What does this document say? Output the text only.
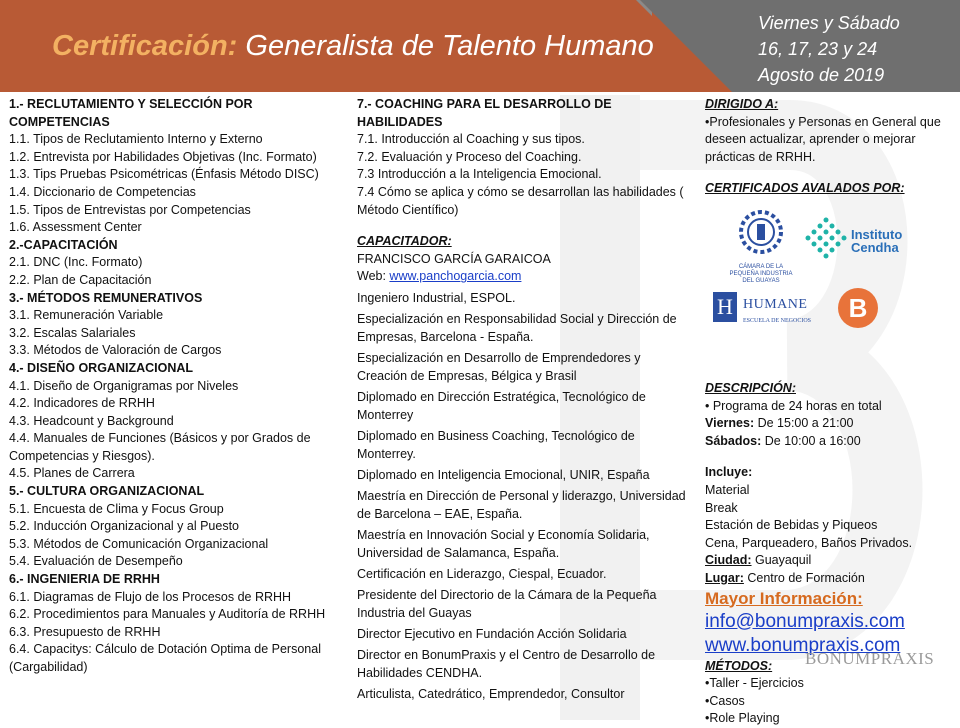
Certificación: Generalista de Talento Humano
Viernes y Sábado
16, 17, 23 y 24
Agosto de 2019
1.- RECLUTAMIENTO Y SELECCIÓN POR COMPETENCIAS
1.1. Tipos de Reclutamiento Interno y Externo
1.2. Entrevista por Habilidades Objetivas (Inc. Formato)
1.3. Tips Pruebas Psicométricas (Énfasis Método DISC)
1.4. Diccionario de Competencias
1.5. Tipos de Entrevistas por Competencias
1.6. Assessment Center
2.-CAPACITACIÓN
2.1. DNC (Inc. Formato)
2.2. Plan de Capacitación
3.- MÉTODOS REMUNERATIVOS
3.1. Remuneración Variable
3.2. Escalas Salariales
3.3. Métodos de Valoración de Cargos
4.- DISEÑO ORGANIZACIONAL
4.1. Diseño de Organigramas por Niveles
4.2. Indicadores de RRHH
4.3. Headcount y Background
4.4. Manuales de Funciones (Básicos y por Grados de Competencias y Riesgos).
4.5. Planes de Carrera
5.- CULTURA ORGANIZACIONAL
5.1. Encuesta de Clima y Focus Group
5.2. Inducción Organizacional y al Puesto
5.3. Métodos de Comunicación Organizacional
5.4. Evaluación de Desempeño
6.- INGENIERIA DE RRHH
6.1. Diagramas de Flujo de los Procesos de RRHH
6.2. Procedimientos para Manuales y Auditoría de RRHH
6.3. Presupuesto de RRHH
6.4. Capacitys: Cálculo de Dotación Optima de Personal (Cargabilidad)
7.- COACHING PARA EL DESARROLLO DE HABILIDADES
7.1. Introducción al Coaching y sus tipos.
7.2. Evaluación y Proceso del Coaching.
7.3 Introducción a la Inteligencia Emocional.
7.4 Cómo se aplica y cómo se desarrollan las habilidades ( Método Científico)
CAPACITADOR:
FRANCISCO GARCÍA GARAICOA
Web: www.panchogarcia.com
Ingeniero Industrial, ESPOL.
Especialización en Responsabilidad Social y Dirección de Empresas, Barcelona - España.
Especialización en Desarrollo de Emprendedores y Creación de Empresas, Bélgica y Brasil
Diplomado en Dirección Estratégica, Tecnológico de Monterrey
Diplomado en Business Coaching, Tecnológico de Monterrey.
Diplomado en Inteligencia Emocional, UNIR, España
Maestría en Dirección de Personal y liderazgo, Universidad de Barcelona – EAE, España.
Maestría en Innovación Social y Economía Solidaria, Universidad de Salamanca, España.
Certificación en Liderazgo, Ciespal, Ecuador.
Presidente del Directorio de la Cámara de la Pequeña Industria del Guayas
Director Ejecutivo en Fundación Acción Solidaria
Director en BonumPraxis y el Centro de Desarrollo de Habilidades CENDHA.
Articulista, Catedrático, Emprendedor, Consultor
DIRIGIDO A:
•Profesionales y Personas en General que deseen actualizar, aprender o mejorar prácticas de RRHH.
CERTIFICADOS AVALADOS POR:
CÁMARA DE LA
PEQUEÑA INDUSTRIA
DEL GUAYAS
Instituto
Cendha
H HUMANE
ESCUELA DE NEGOCIOS	B
DESCRIPCIÓN:
• Programa de 24 horas en total
Viernes: De 15:00 a 21:00
Sábados: De 10:00 a 16:00
Incluye:
Material
Break
Estación de Bebidas y Piqueos
Cena, Parqueadero, Baños Privados.
Ciudad: Guayaquil
Lugar: Centro de Formación
Mayor Información:
info@bonumpraxis.com
www.bonumpraxis.com
MÉTODOS:
•Taller - Ejercicios
•Casos
•Role Playing
BONUMPRAXIS
